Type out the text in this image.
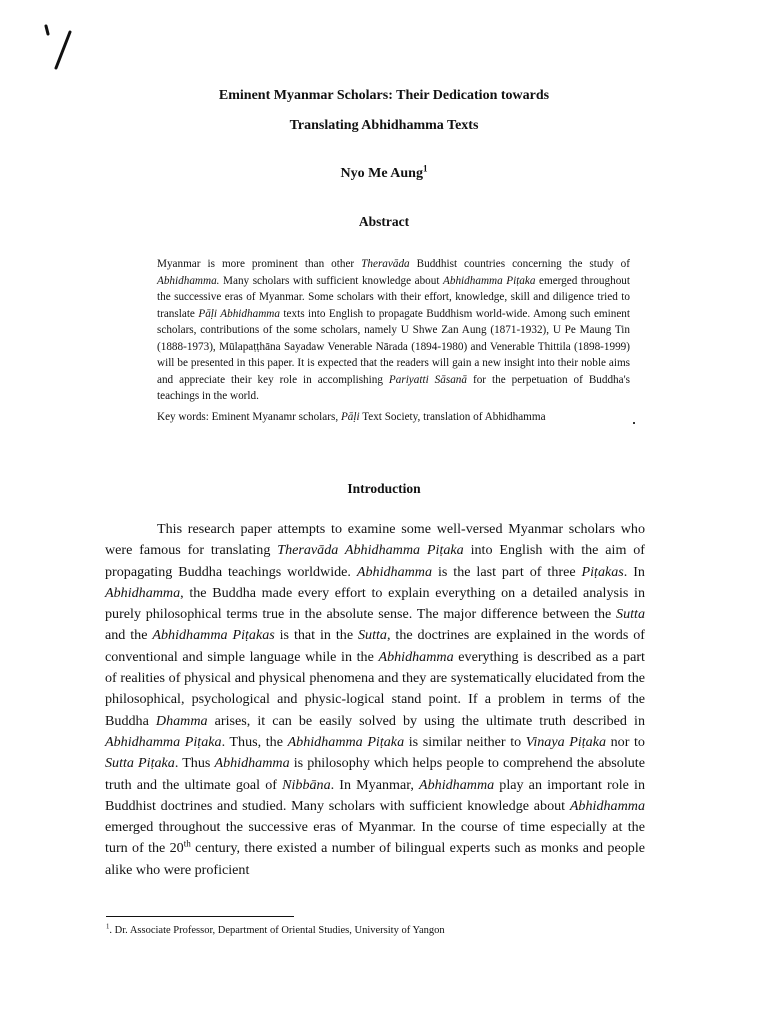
Eminent Myanmar Scholars: Their Dedication towards
Translating Abhidhamma Texts
Nyo Me Aung$^1$
Abstract

Myanmar is more prominent than other Theravāda Buddhist countries concerning the study of Abhidhamma. Many scholars with sufficient knowledge about Abhidhamma Piṭaka emerged throughout the successive eras of Myanmar. Some scholars with their effort, knowledge, skill and diligence tried to translate Pāḷi Abhidhamma texts into English to propagate Buddhism world-wide. Among such eminent scholars, contributions of the some scholars, namely U Shwe Zan Aung (1871-1932), U Pe Maung Tin (1888-1973), Mūlapaṭṭhāna Sayadaw Venerable Nārada (1894-1980) and Venerable Thittila (1898-1999) will be presented in this paper. It is expected that the readers will gain a new insight into their noble aims and appreciate their key role in accomplishing Pariyatti Sāsanā for the perpetuation of Buddha's teachings in the world.

Key words: Eminent Myanamr scholars, Pāḷi Text Society, translation of Abhidhamma

Introduction

This research paper attempts to examine some well-versed Myanmar scholars who were famous for translating Theravāda Abhidhamma Piṭaka into English with the aim of propagating Buddha teachings worldwide. Abhidhamma is the last part of three Piṭakas. In Abhidhamma, the Buddha made every effort to explain everything on a detailed analysis in purely philosophical terms true in the absolute sense. The major difference between the Sutta and the Abhidhamma Piṭakas is that in the Sutta, the doctrines are explained in the words of conventional and simple language while in the Abhidhamma everything is described as a part of realities of physical and physical phenomena and they are systematically elucidated from the philosophical, psychological and physic-logical stand point. If a problem in terms of the Buddha Dhamma arises, it can be easily solved by using the ultimate truth described in Abhidhamma Piṭaka. Thus, the Abhidhamma Piṭaka is similar neither to Vinaya Piṭaka nor to Sutta Piṭaka. Thus Abhidhamma is philosophy which helps people to comprehend the absolute truth and the ultimate goal of Nibbāna. In Myanmar, Abhidhamma play an important role in Buddhist doctrines and studied. Many scholars with sufficient knowledge about Abhidhamma emerged throughout the successive eras of Myanmar. In the course of time especially at the turn of the 20th century, there existed a number of bilingual experts such as monks and people alike who were proficient

$^1$. Dr. Associate Professor, Department of Oriental Studies, University of Yangon
